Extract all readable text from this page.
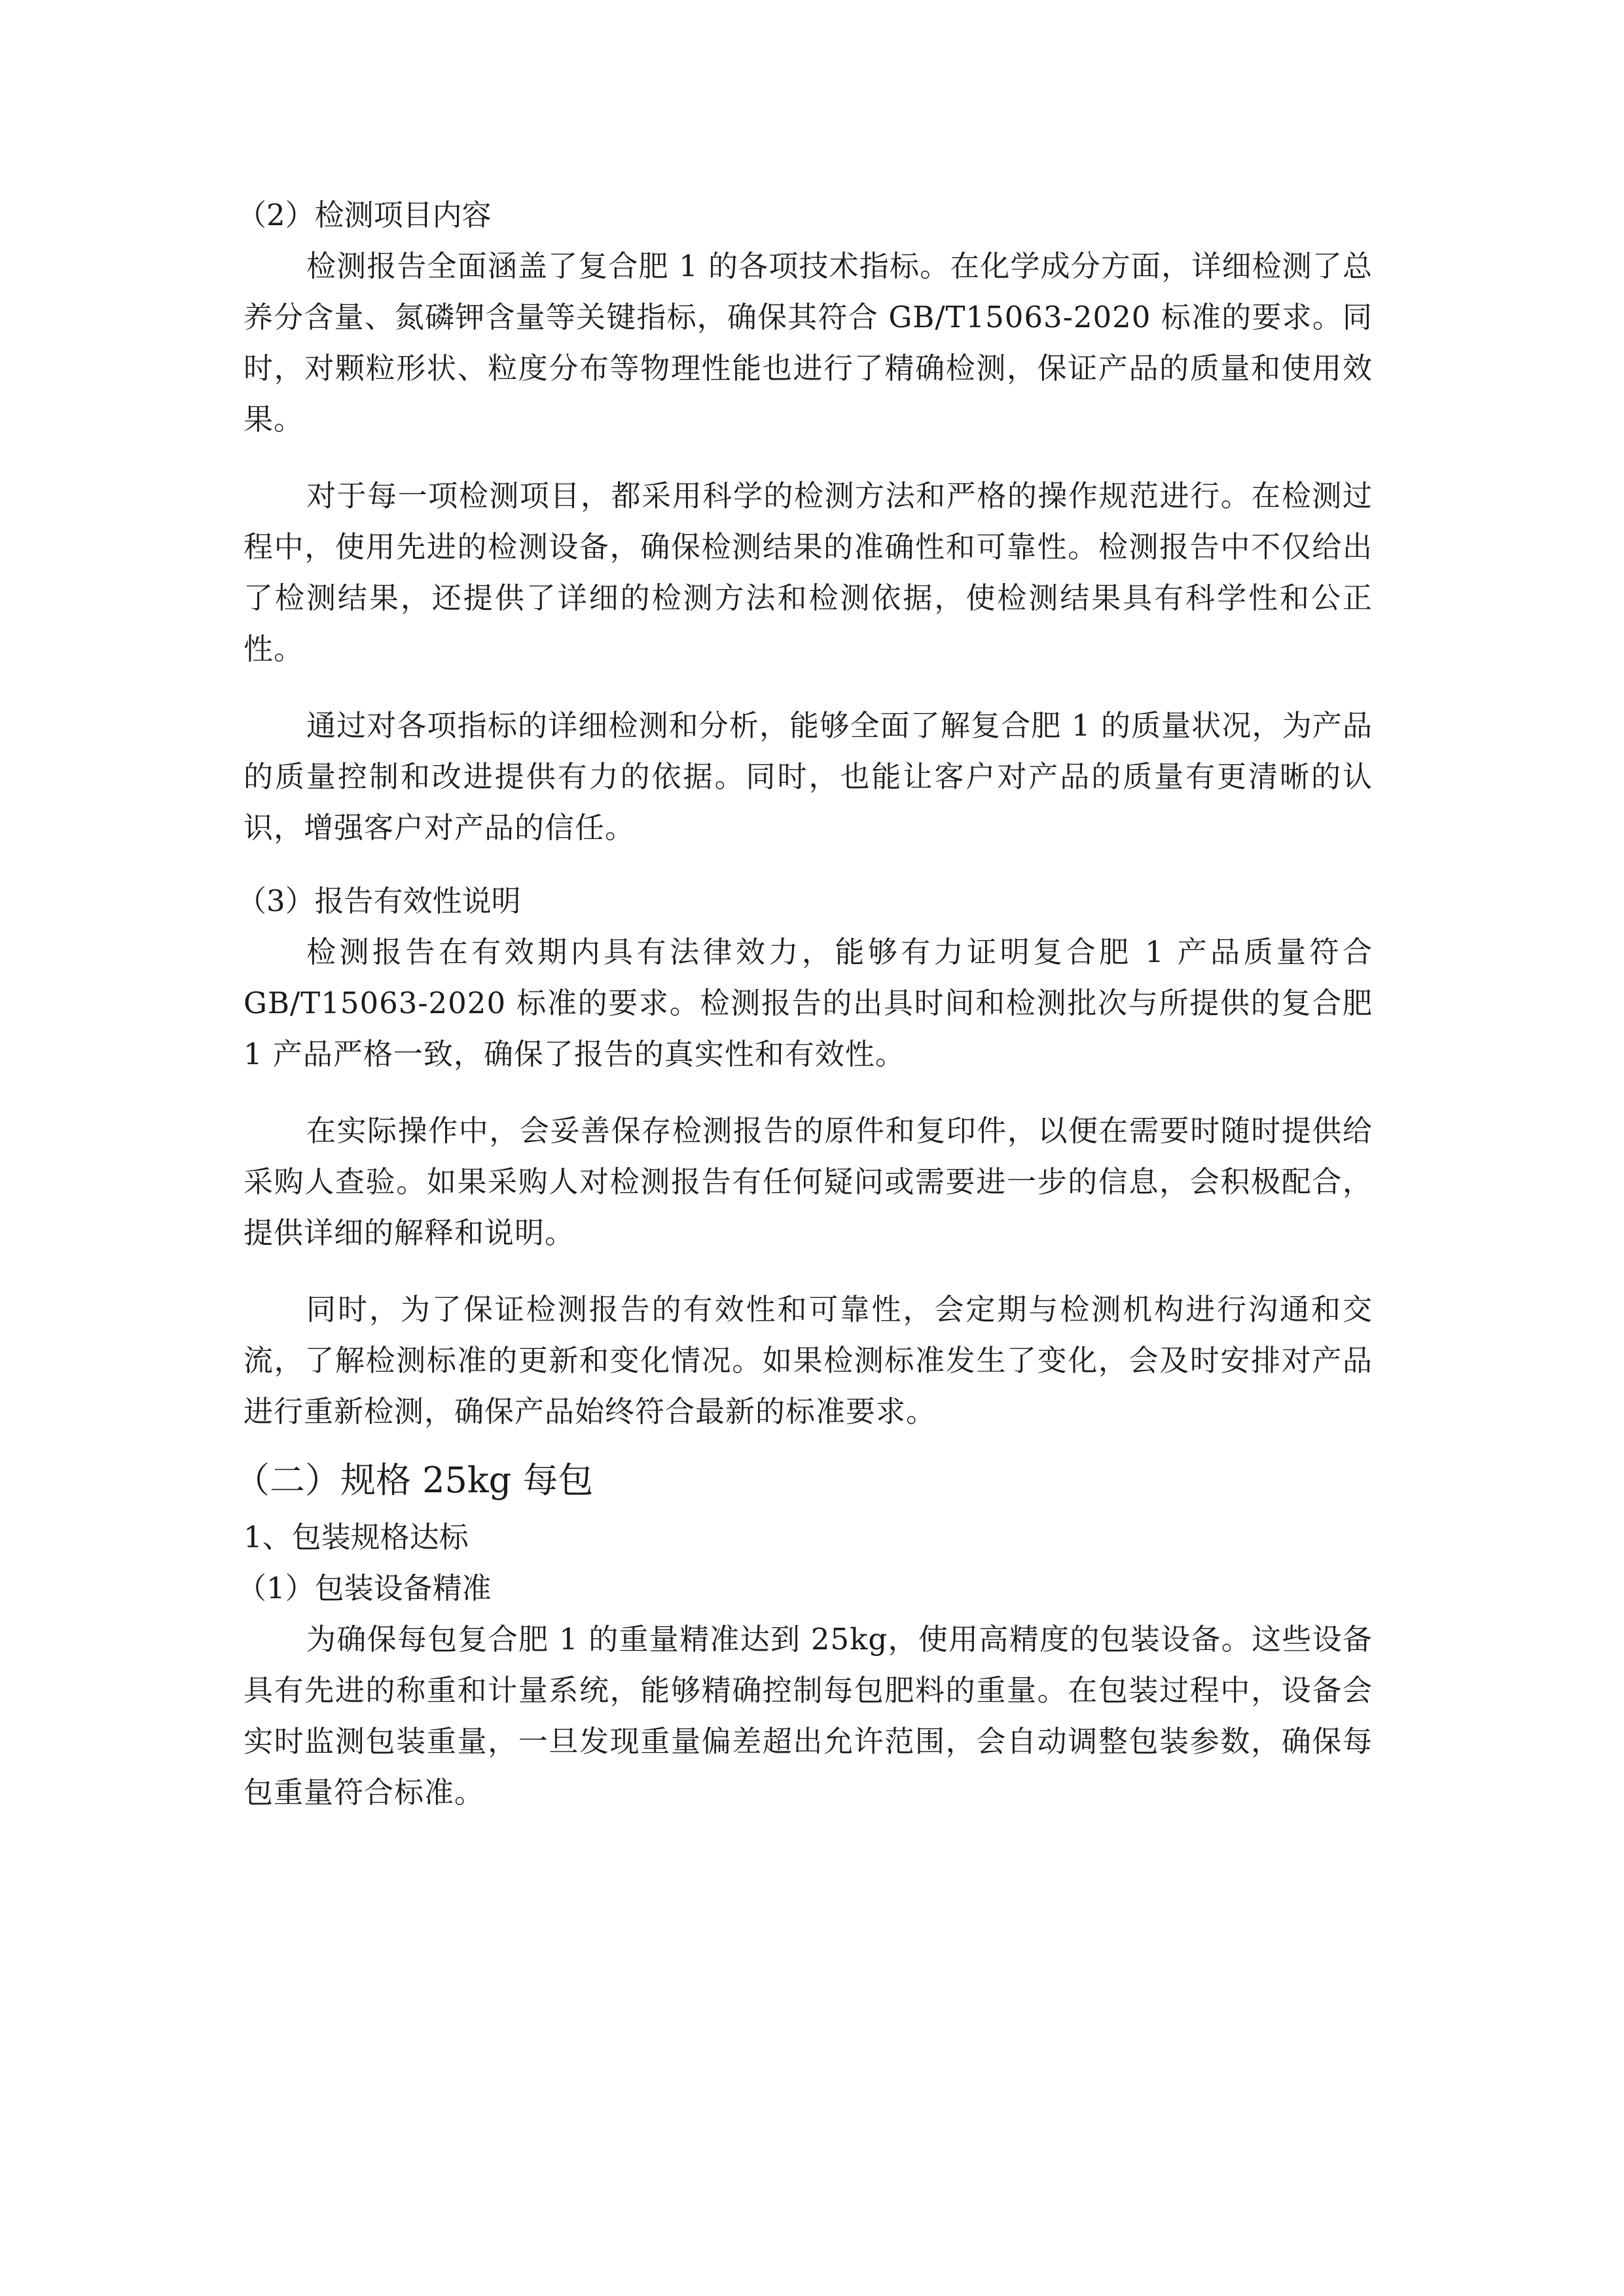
（2）检测项目内容

检测报告全面涵盖了复合肥 1 的各项技术指标。在化学成分方面，详细检测了总养分含量、氮磷钾含量等关键指标，确保其符合 GB/T15063-2020 标准的要求。同时，对颗粒形状、粒度分布等物理性能也进行了精确检测，保证产品的质量和使用效果。

对于每一项检测项目，都采用科学的检测方法和严格的操作规范进行。在检测过程中，使用先进的检测设备，确保检测结果的准确性和可靠性。检测报告中不仅给出了检测结果，还提供了详细的检测方法和检测依据，使检测结果具有科学性和公正性。

通过对各项指标的详细检测和分析，能够全面了解复合肥 1 的质量状况，为产品的质量控制和改进提供有力的依据。同时，也能让客户对产品的质量有更清晰的认识，增强客户对产品的信任。

（3）报告有效性说明

检测报告在有效期内具有法律效力，能够有力证明复合肥 1 产品质量符合 GB/T15063-2020 标准的要求。检测报告的出具时间和检测批次与所提供的复合肥 1 产品严格一致，确保了报告的真实性和有效性。

在实际操作中，会妥善保存检测报告的原件和复印件，以便在需要时随时提供给采购人查验。如果采购人对检测报告有任何疑问或需要进一步的信息，会积极配合，提供详细的解释和说明。

同时，为了保证检测报告的有效性和可靠性，会定期与检测机构进行沟通和交流，了解检测标准的更新和变化情况。如果检测标准发生了变化，会及时安排对产品进行重新检测，确保产品始终符合最新的标准要求。

（二）规格 25kg 每包

1、包装规格达标

（1）包装设备精准

为确保每包复合肥 1 的重量精准达到 25kg，使用高精度的包装设备。这些设备具有先进的称重和计量系统，能够精确控制每包肥料的重量。在包装过程中，设备会实时监测包装重量，一旦发现重量偏差超出允许范围，会自动调整包装参数，确保每包重量符合标准。
